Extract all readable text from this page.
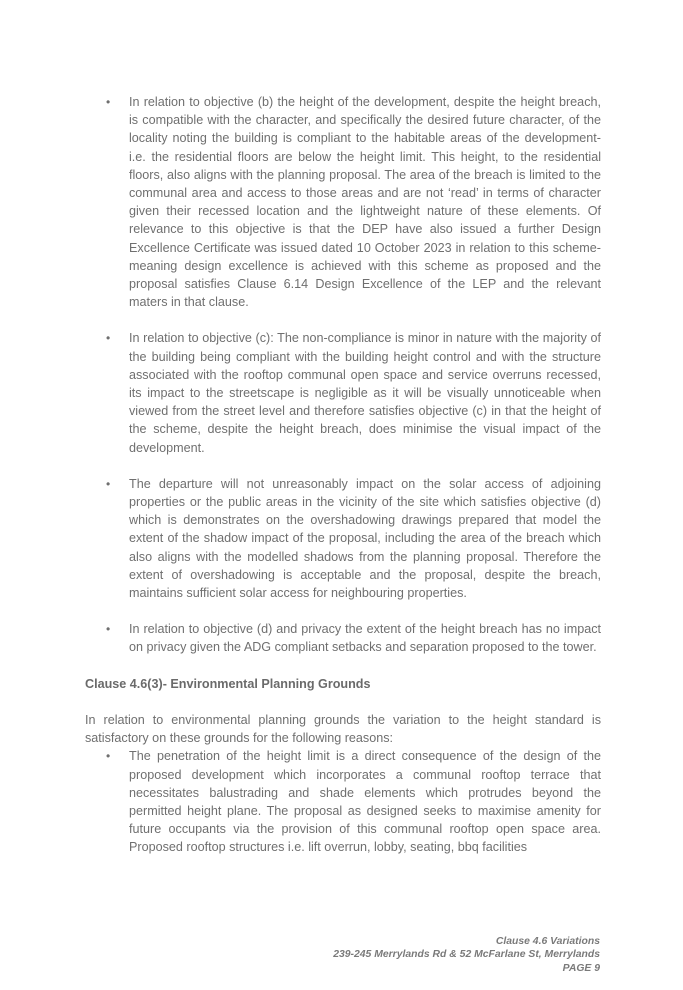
• In relation to objective (b) the height of the development, despite the height breach, is compatible with the character, and specifically the desired future character, of the locality noting the building is compliant to the habitable areas of the development- i.e. the residential floors are below the height limit. This height, to the residential floors, also aligns with the planning proposal. The area of the breach is limited to the communal area and access to those areas and are not ‘read’ in terms of character given their recessed location and the lightweight nature of these elements. Of relevance to this objective is that the DEP have also issued a further Design Excellence Certificate was issued dated 10 October 2023 in relation to this scheme- meaning design excellence is achieved with this scheme as proposed and the proposal satisfies Clause 6.14 Design Excellence of the LEP and the relevant maters in that clause.
• In relation to objective (c): The non-compliance is minor in nature with the majority of the building being compliant with the building height control and with the structure associated with the rooftop communal open space and service overruns recessed, its impact to the streetscape is negligible as it will be visually unnoticeable when viewed from the street level and therefore satisfies objective (c) in that the height of the scheme, despite the height breach, does minimise the visual impact of the development.
• The departure will not unreasonably impact on the solar access of adjoining properties or the public areas in the vicinity of the site which satisfies objective (d) which is demonstrates on the overshadowing drawings prepared that model the extent of the shadow impact of the proposal, including the area of the breach which also aligns with the modelled shadows from the planning proposal. Therefore the extent of overshadowing is acceptable and the proposal, despite the breach, maintains sufficient solar access for neighbouring properties.
• In relation to objective (d) and privacy the extent of the height breach has no impact on privacy given the ADG compliant setbacks and separation proposed to the tower.
Clause 4.6(3)- Environmental Planning Grounds

In relation to environmental planning grounds the variation to the height standard is satisfactory on these grounds for the following reasons:

• The penetration of the height limit is a direct consequence of the design of the proposed development which incorporates a communal rooftop terrace that necessitates balustrading and shade elements which protrudes beyond the permitted height plane. The proposal as designed seeks to maximise amenity for future occupants via the provision of this communal rooftop open space area. Proposed rooftop structures i.e. lift overrun, lobby, seating, bbq facilities
Clause 4.6 Variations
239-245 Merrylands Rd & 52 McFarlane St, Merrylands
PAGE 9
